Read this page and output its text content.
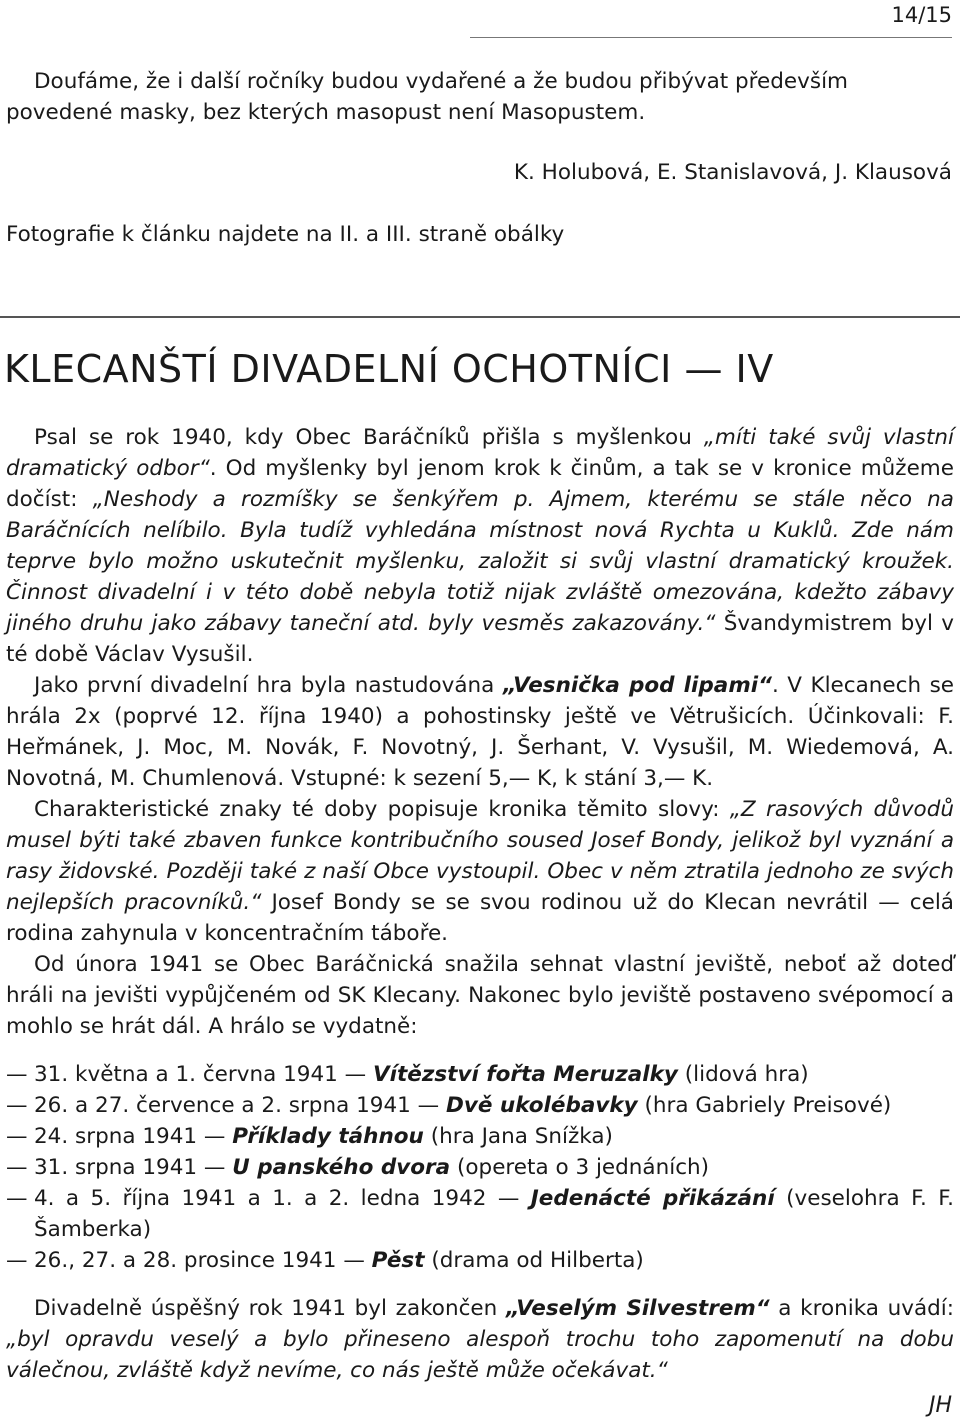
14/15

Doufáme, že i další ročníky budou vydařené a že budou přibývat především povedené masky, bez kterých masopust není Masopustem.

K. Holubová, E. Stanislavová, J. Klausová
Fotografie k článku najdete na II. a III. straně obálky
KLECANŠTÍ DIVADELNÍ OCHOTNÍCI — IV

Psal se rok 1940, kdy Obec Baráčníků přišla s myšlenkou „míti také svůj vlastní dramatický odbor“. Od myšlenky byl jenom krok k činům, a tak se v kronice můžeme dočíst: „Neshody a rozmíšky se šenkýřem p. Ajmem, kterému se stále něco na Baráčnících nelíbilo. Byla tudíž vyhledána místnost nová Rychta u Kuklů. Zde nám teprve bylo možno uskutečnit myšlenku, založit si svůj vlastní dramatický kroužek. Činnost divadelní i v této době nebyla totiž nijak zvláště omezována, kdežto zábavy jiného druhu jako zábavy taneční atd. byly vesměs zakazovány.“ Švandymistrem byl v té době Václav Vysušil.

Jako první divadelní hra byla nastudována „Vesnička pod lipami“. V Klecanech se hrála 2x (poprvé 12. října 1940) a pohostinsky ještě ve Větrušicích. Účinkovali: F. Heřmánek, J. Moc, M. Novák, F. Novotný, J. Šerhant, V. Vysušil, M. Wiedemová, A. Novotná, M. Chumlenová. Vstupné: k sezení 5,— K, k stání 3,— K.

Charakteristické znaky té doby popisuje kronika těmito slovy: „Z rasových důvodů musel býti také zbaven funkce kontribučního soused Josef Bondy, jelikož byl vyznání a rasy židovské. Později také z naší Obce vystoupil. Obec v něm ztratila jednoho ze svých nejlepších pracovníků.“ Josef Bondy se se svou rodinou už do Klecan nevrátil — celá rodina zahynula v koncentračním táboře.

Od února 1941 se Obec Baráčnická snažila sehnat vlastní jeviště, neboť až doteď hráli na jevišti vypůjčeném od SK Klecany. Nakonec bylo jeviště postaveno svépomocí a mohlo se hrát dál. A hrálo se vydatně:

— 31. května a 1. června 1941 — Vítězství fořta Meruzalky (lidová hra)

— 26. a 27. července a 2. srpna 1941 — Dvě ukolébavky (hra Gabriely Preisové)

— 24. srpna 1941 — Příklady táhnou (hra Jana Snížka)

— 31. srpna 1941 — U panského dvora (opereta o 3 jednáních)

— 4. a 5. října 1941 a 1. a 2. ledna 1942 — Jedenácté přikázání (veselohra F. F. Šamberka)

— 26., 27. a 28. prosince 1941 — Pěst (drama od Hilberta)

Divadelně úspěšný rok 1941 byl zakončen „Veselým Silvestrem“ a kronika uvádí: „byl opravdu veselý a bylo přineseno alespoň trochu toho zapomenutí na dobu válečnou, zvláště když nevíme, co nás ještě může očekávat.“

JH
